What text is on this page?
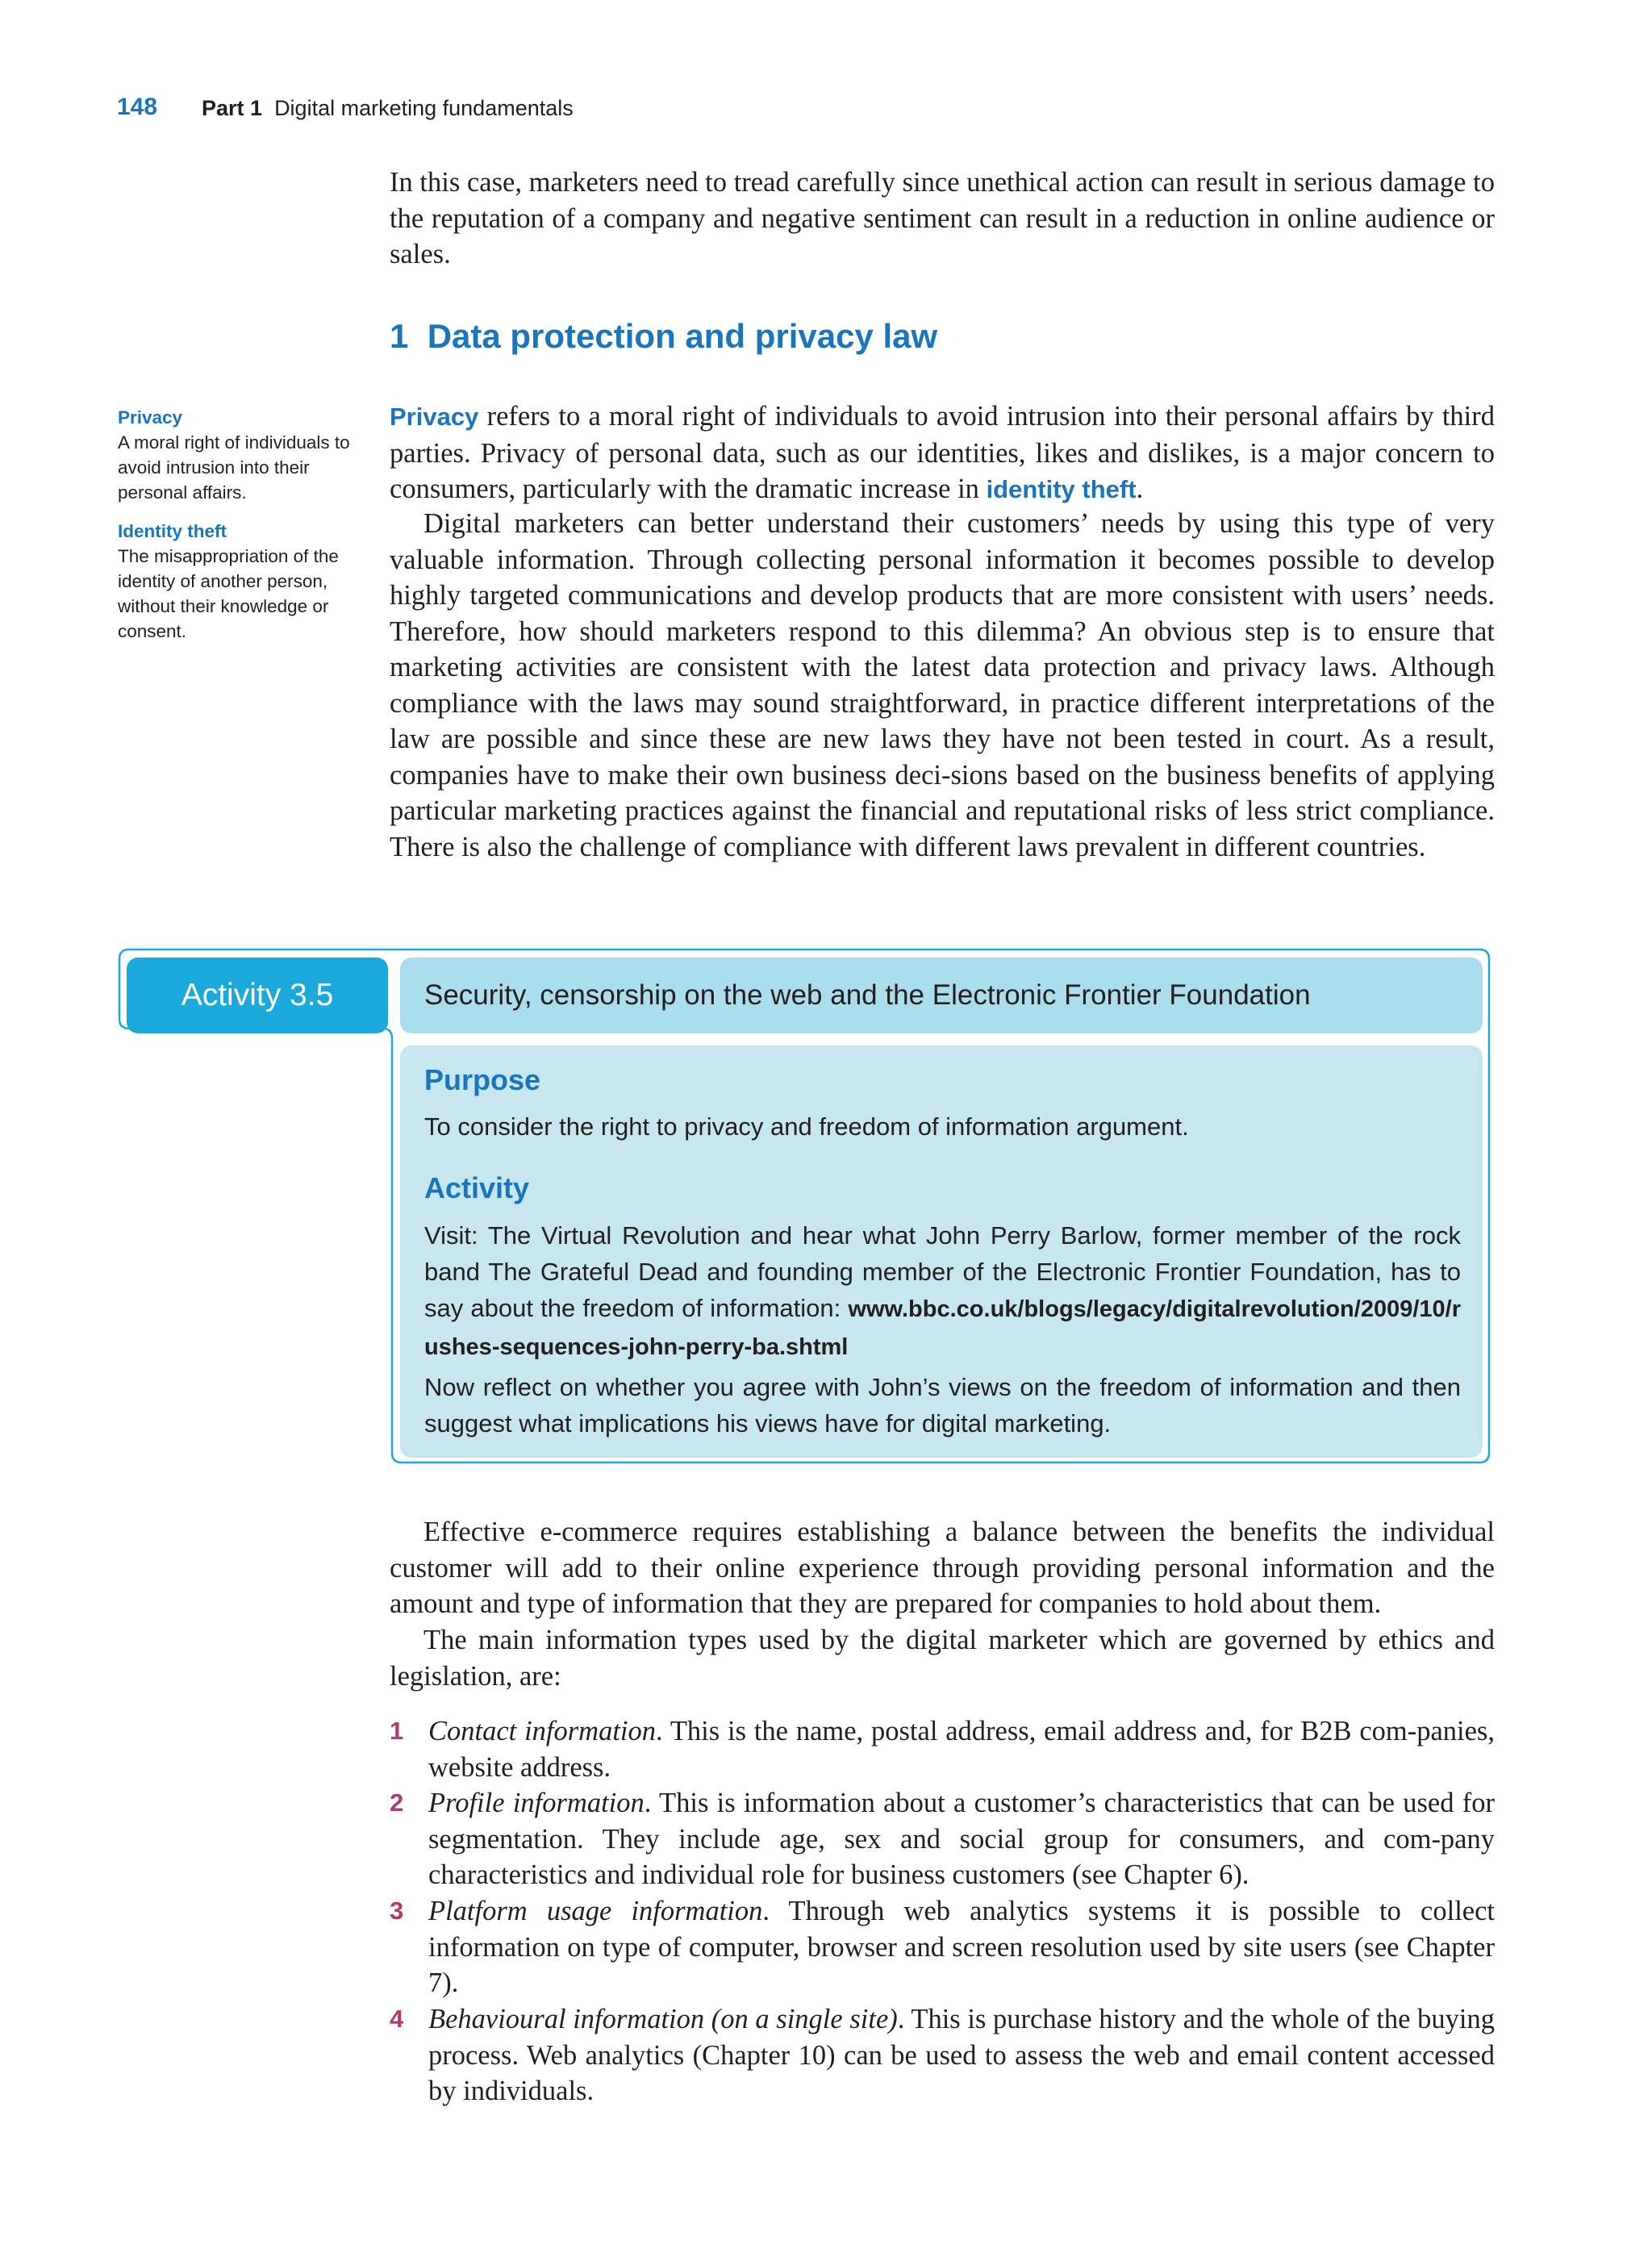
148 Part 1 Digital marketing fundamentals

In this case, marketers need to tread carefully since unethical action can result in serious damage to the reputation of a company and negative sentiment can result in a reduction in online audience or sales.

1 Data protection and privacy law
Privacy
A moral right of individuals to avoid intrusion into their personal affairs.
Identity theft
The misappropriation of the identity of another person, without their knowledge or consent.

Privacy refers to a moral right of individuals to avoid intrusion into their personal affairs by third parties. Privacy of personal data, such as our identities, likes and dislikes, is a major concern to consumers, particularly with the dramatic increase in identity theft.

Digital marketers can better understand their customers’ needs by using this type of very valuable information. Through collecting personal information it becomes possible to develop highly targeted communications and develop products that are more consistent with users’ needs. Therefore, how should marketers respond to this dilemma? An obvious step is to ensure that marketing activities are consistent with the latest data protection and privacy laws. Although compliance with the laws may sound straightforward, in practice different interpretations of the law are possible and since these are new laws they have not been tested in court. As a result, companies have to make their own business deci-sions based on the business benefits of applying particular marketing practices against the financial and reputational risks of less strict compliance. There is also the challenge of compliance with different laws prevalent in different countries.

Activity 3.5	Security, censorship on the web and the Electronic Frontier Foundation
Purpose

To consider the right to privacy and freedom of information argument.

Activity

Visit: The Virtual Revolution and hear what John Perry Barlow, former member of the rock band The Grateful Dead and founding member of the Electronic Frontier Foundation, has to say about the freedom of information: www.bbc.co.uk/blogs/legacy/digitalrevolution/2009/10/rushes-sequences-john-perry-ba.shtml

Now reflect on whether you agree with John’s views on the freedom of information and then suggest what implications his views have for digital marketing.

Effective e-commerce requires establishing a balance between the benefits the individual customer will add to their online experience through providing personal information and the amount and type of information that they are prepared for companies to hold about them.

The main information types used by the digital marketer which are governed by ethics and legislation, are:

1 Contact information. This is the name, postal address, email address and, for B2B com-panies, website address.
2 Profile information. This is information about a customer’s characteristics that can be used for segmentation. They include age, sex and social group for consumers, and com-pany characteristics and individual role for business customers (see Chapter 6).
3 Platform usage information. Through web analytics systems it is possible to collect information on type of computer, browser and screen resolution used by site users (see Chapter 7).
4 Behavioural information (on a single site). This is purchase history and the whole of the buying process. Web analytics (Chapter 10) can be used to assess the web and email content accessed by individuals.
